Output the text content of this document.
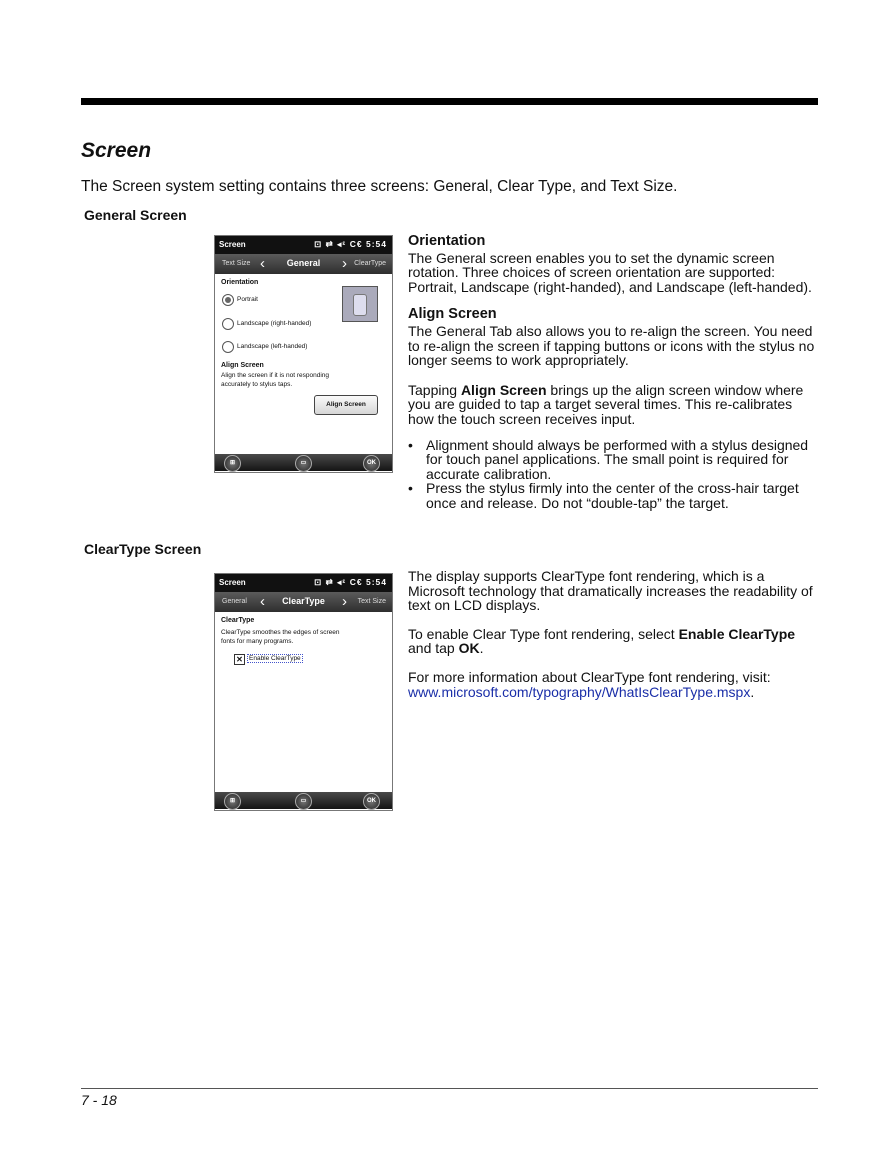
Screen

The Screen system setting contains three screens: General, Clear Type, and Text Size.

General Screen
Screen	⊡ ⇄ ◂ᵋ C€ 5:54
Text Size ‹	General	› ClearType
Orientation
Portrait
Landscape (right-handed)
Landscape (left-handed)
Align Screen
Align the screen if it is not responding
accurately to stylus taps.
Align Screen
⊞	▭	OK

Orientation

The General screen enables you to set the dynamic screen rotation. Three choices of screen orientation are supported: Portrait, Landscape (right-handed), and Landscape (left-handed).

Align Screen

The General Tab also allows you to re-align the screen. You need to re-align the screen if tapping buttons or icons with the stylus no longer seems to work appropriately.

Tapping Align Screen brings up the align screen window where you are guided to tap a target several times. This re-calibrates how the touch screen receives input.

• Alignment should always be performed with a stylus designed for touch panel applications. The small point is required for accurate calibration.
• Press the stylus firmly into the center of the cross-hair target once and release. Do not “double-tap” the target.
ClearType Screen
Screen	⊡ ⇄ ◂ᵋ C€ 5:54
General ‹	ClearType	› Text Size
ClearType
ClearType smoothes the edges of screen
fonts for many programs.
✕ Enable ClearType
⊞	▭	OK

The display supports ClearType font rendering, which is a Microsoft technology that dramatically increases the readability of text on LCD displays.

To enable Clear Type font rendering, select Enable ClearType and tap OK.

For more information about ClearType font rendering, visit:
www.microsoft.com/typography/WhatIsClearType.mspx.

7 - 18
